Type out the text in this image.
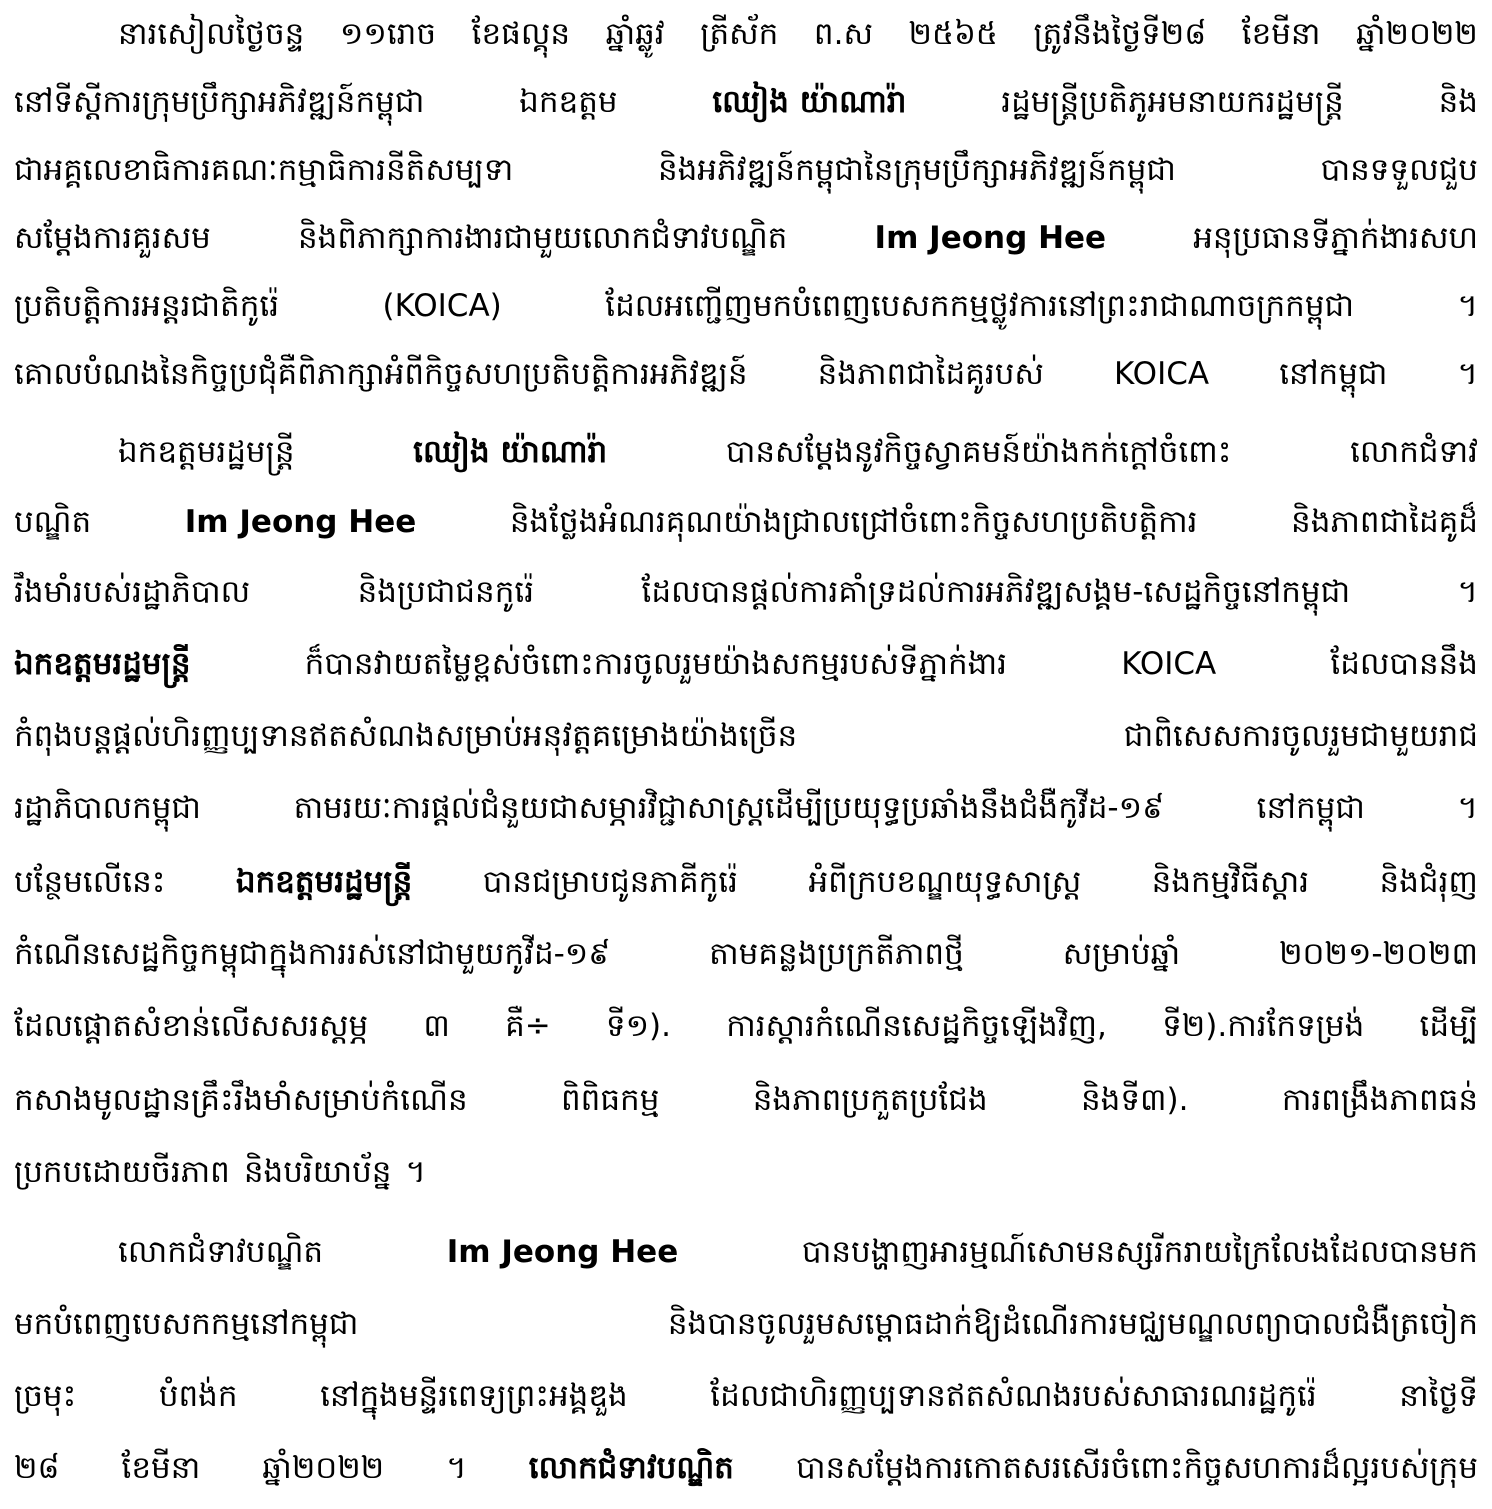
នារសៀលថ្ងៃចន្ទ ១១រោច ខែផល្គុន ឆ្នាំឆ្លូវ ត្រីស័ក ព.ស ២៥៦៥ ត្រូវនឹងថ្ងៃទី២៨ ខែមីនា ឆ្នាំ២០២២
នៅទីស្តីការក្រុមប្រឹក្សាអភិវឌ្ឍន៍កម្ពុជា	ឯកឧត្តម	ឈៀង យ៉ាណារ៉ា	រដ្ឋមន្ត្រីប្រតិភូអមនាយករដ្ឋមន្ត្រី	និង
ជាអគ្គលេខាធិការគណៈកម្មាធិការនីតិសម្បទា	និងអភិវឌ្ឍន៍កម្ពុជានៃក្រុមប្រឹក្សាអភិវឌ្ឍន៍កម្ពុជា	បានទទួលជួប
សម្ដែងការគួរសម	និងពិភាក្សាការងារជាមួយលោកជំទាវបណ្ឌិត	Im Jeong Hee	អនុប្រធានទីភ្នាក់ងារសហ
ប្រតិបត្តិការអន្តរជាតិកូរ៉េ	(KOICA)	ដែលអញ្ជើញមកបំពេញបេសកកម្មថ្លូវការនៅព្រះរាជាណាចក្រកម្ពុជា	។
គោលបំណងនៃកិច្ចប្រជុំគឺពិភាក្សាអំពីកិច្ចសហប្រតិបត្តិការអភិវឌ្ឍន៍ និងភាពជាដៃគូរបស់ KOICA នៅកម្ពុជា ។
ឯកឧត្តមរដ្ឋមន្ត្រី	ឈៀង យ៉ាណារ៉ា	បានសម្ដែងនូវកិច្ចស្វាគមន៍យ៉ាងកក់ក្ដៅចំពោះ	លោកជំទាវ
បណ្ឌិត	Im Jeong Hee	និងថ្លែងអំណរគុណយ៉ាងជ្រាលជ្រៅចំពោះកិច្ចសហប្រតិបត្តិការ	និងភាពជាដៃគូដ៏
រឹងមាំរបស់រដ្ឋាភិបាល	និងប្រជាជនកូរ៉េ	ដែលបានផ្ដល់ការគាំទ្រដល់ការអភិវឌ្ឍសង្គម-សេដ្ឋកិច្ចនៅកម្ពុជា	។
ឯកឧត្តមរដ្ឋមន្ត្រី	ក៏បានវាយតម្លៃខ្ពស់ចំពោះការចូលរួមយ៉ាងសកម្មរបស់ទីភ្នាក់ងារ	KOICA	ដែលបាននឹង
កំពុងបន្តផ្ដល់ហិរញ្ញប្បទានឥតសំណងសម្រាប់អនុវត្តគម្រោងយ៉ាងច្រើន	ជាពិសេសការចូលរួមជាមួយរាជ
រដ្ឋាភិបាលកម្ពុជា	តាមរយៈការផ្ដល់ជំនួយជាសម្ភារវិជ្ជាសាស្រ្តដើម្បីប្រយុទ្ធប្រឆាំងនឹងជំងឺកូវីដ-១៩	នៅកម្ពុជា	។
បន្ថែមលើនេះ ឯកឧត្តមរដ្ឋមន្ត្រី បានជម្រាបជូនភាគីកូរ៉េ អំពីក្របខណ្ឌយុទ្ធសាស្រ្ត និងកម្មវិធីស្ដារ និងជំរុញ
កំណើនសេដ្ឋកិច្ចកម្ពុជាក្នុងការរស់នៅជាមួយកូវីដ-១៩	តាមគន្លងប្រក្រតីភាពថ្មី	សម្រាប់ឆ្នាំ	២០២១-២០២៣
ដែលផ្ដោតសំខាន់លើសសរស្ដម្ភ ៣ គឺ÷ ទី១). ការស្ដារកំណើនសេដ្ឋកិច្ចឡើងវិញ, ទី២).ការកែទម្រង់ ដើម្បី
កសាងមូលដ្ឋានគ្រឹះរឹងមាំសម្រាប់កំណើន	ពិពិធកម្ម	និងភាពប្រកួតប្រជែង	និងទី៣).	ការពង្រឹងភាពធន់
ប្រកបដោយចីរភាព និងបរិយាប័ន្ន ។
លោកជំទាវបណ្ឌិត	Im Jeong Hee	បានបង្ហាញអារម្មណ៍សោមនស្សរីករាយក្រៃលែងដែលបានមក
មកបំពេញបេសកកម្មនៅកម្ពុជា	និងបានចូលរួមសម្ពោធដាក់ឱ្យដំណើរការមជ្ឈមណ្ឌលព្យាបាលជំងឺត្រចៀក
ច្រមុះ	បំពង់ក	នៅក្នុងមន្ទីរពេទ្យព្រះអង្គឌួង	ដែលជាហិរញ្ញប្បទានឥតសំណងរបស់សាធារណរដ្ឋកូរ៉េ	នាថ្ងៃទី
២៨ ខែមីនា ឆ្នាំ២០២២ ។ លោកជំទាវបណ្ឌិត បានសម្ដែងការកោតសរសើរចំពោះកិច្ចសហការដ៏ល្អរបស់ក្រុម
